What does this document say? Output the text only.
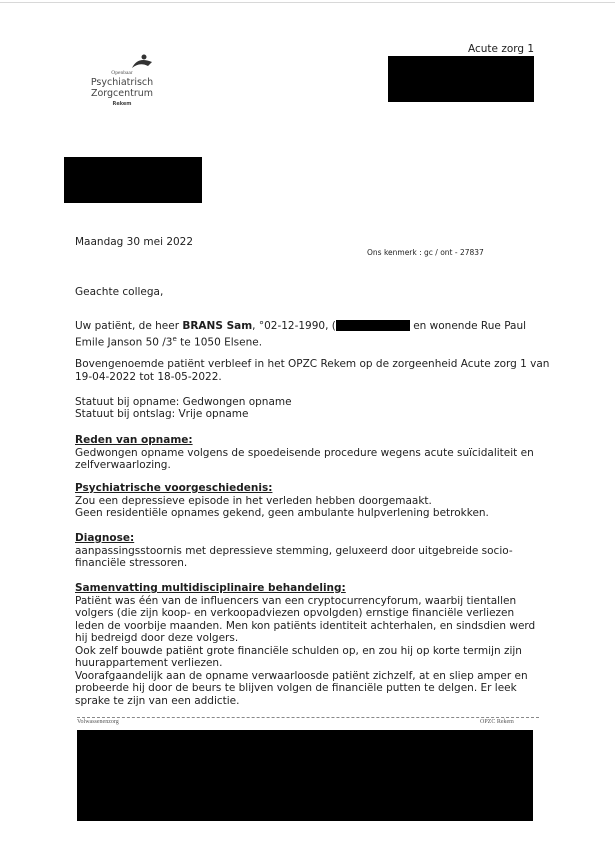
Acute zorg 1
Openbaar
Psychiatrisch
Zorgcentrum
Rekem
Maandag 30 mei 2022
Ons kenmerk : gc / ont - 27837
Geachte collega,
Uw patiënt, de heer BRANS Sam, °02-12-1990, (	en wonende Rue Paul
Emile Janson 50 /3e te 1050 Elsene.
Bovengenoemde patiënt verbleef in het OPZC Rekem op de zorgeenheid Acute zorg 1 van 19-04-2022 tot 18-05-2022.
Statuut bij opname: Gedwongen opname
Statuut bij ontslag: Vrije opname
Reden van opname:
Gedwongen opname volgens de spoedeisende procedure wegens acute suïcidaliteit en zelfverwaarlozing.
Psychiatrische voorgeschiedenis:
Zou een depressieve episode in het verleden hebben doorgemaakt.
Geen residentiële opnames gekend, geen ambulante hulpverlening betrokken.
Diagnose:
aanpassingsstoornis met depressieve stemming, geluxeerd door uitgebreide socio-financiële stressoren.
Samenvatting multidisciplinaire behandeling:
Patiënt was één van de influencers van een cryptocurrencyforum, waarbij tientallen volgers (die zijn koop- en verkoopadviezen opvolgden) ernstige financiële verliezen leden de voorbije maanden. Men kon patiënts identiteit achterhalen, en sindsdien werd hij bedreigd door deze volgers.
Ook zelf bouwde patiënt grote financiële schulden op, en zou hij op korte termijn zijn huurappartement verliezen.
Voorafgaandelijk aan de opname verwaarloosde patiënt zichzelf, at en sliep amper en probeerde hij door de beurs te blijven volgen de financiële putten te delgen. Er leek sprake te zijn van een addictie.
Volwassenenzorg	OPZC Rekem
